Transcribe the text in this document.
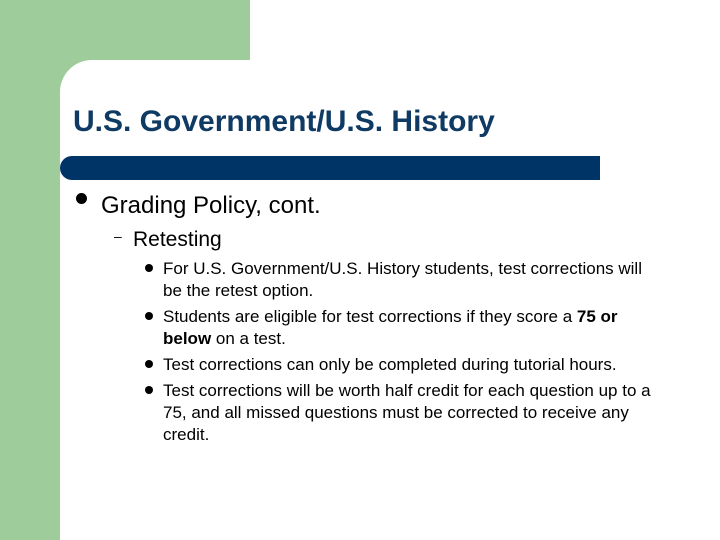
U.S. Government/U.S. History
Grading Policy, cont.
– Retesting
For U.S. Government/U.S. History students, test corrections will be the retest option.
Students are eligible for test corrections if they score a 75 or below on a test.
Test corrections can only be completed during tutorial hours.
Test corrections will be worth half credit for each question up to a 75, and all missed questions must be corrected to receive any credit.
